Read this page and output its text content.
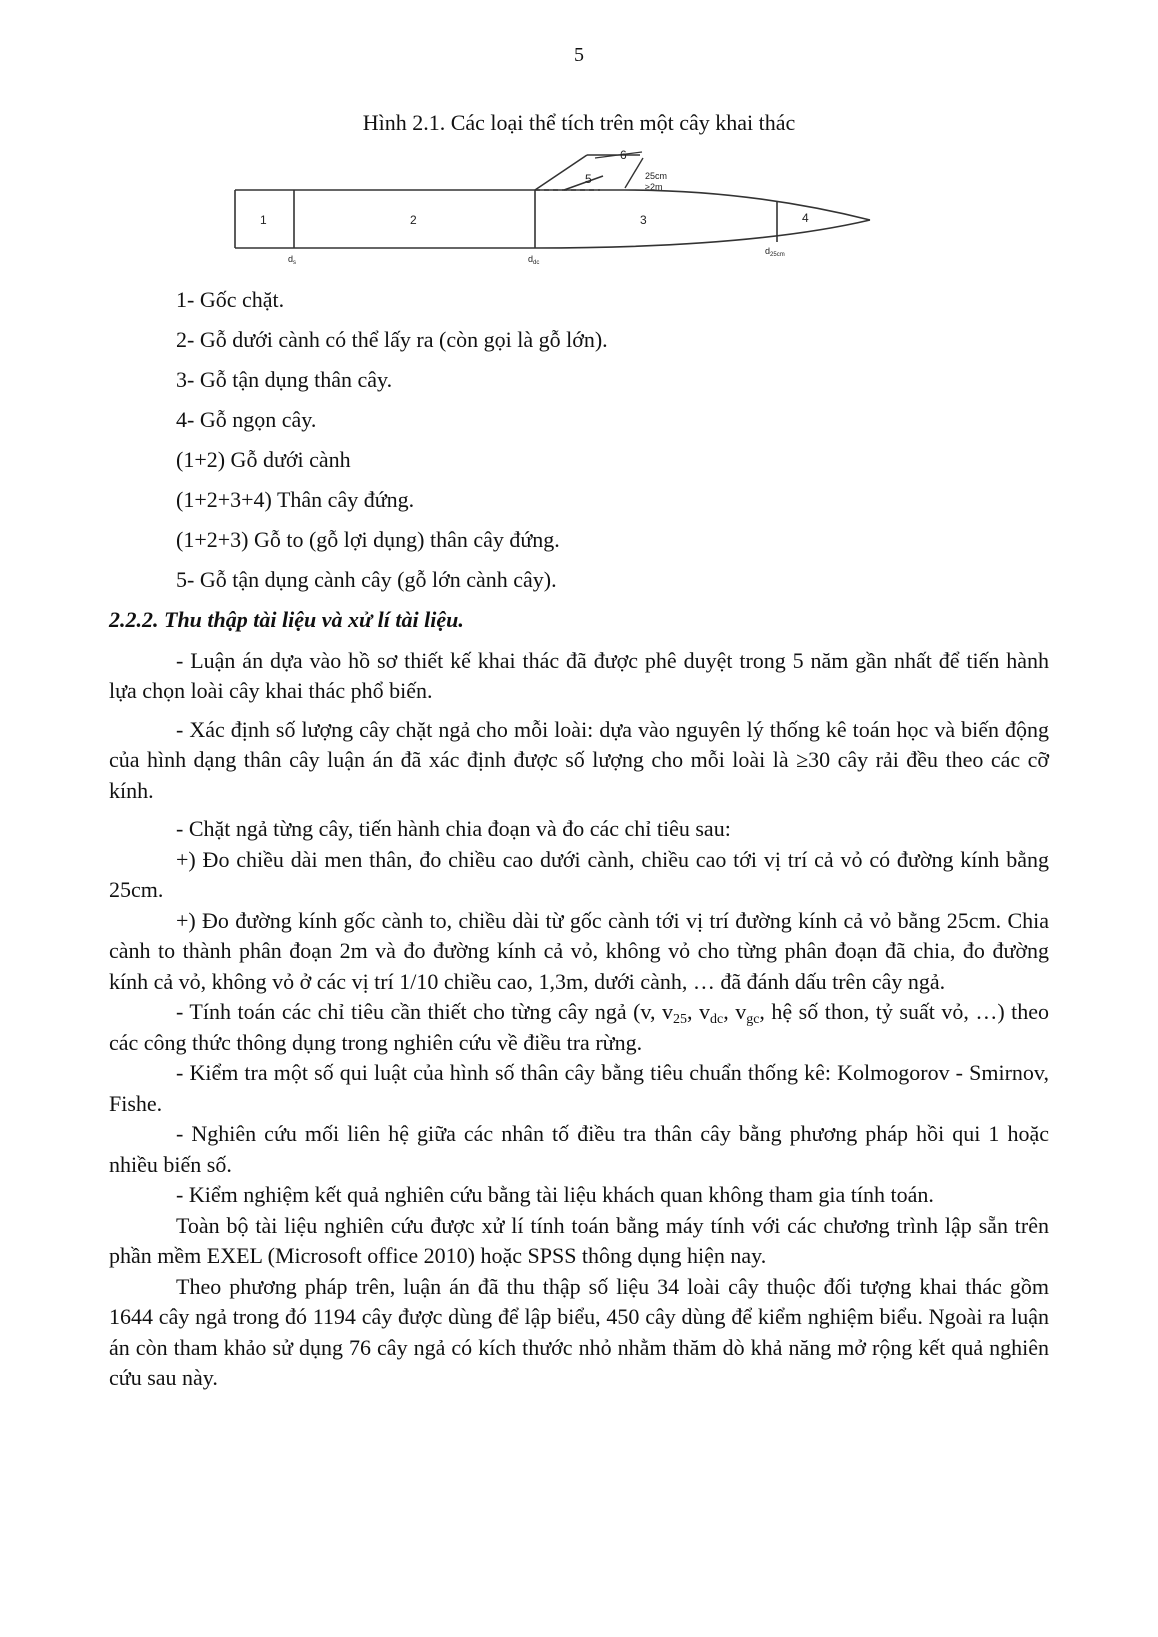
5
Hình 2.1. Các loại thể tích trên một cây khai thác
1	2	3	4
5
6
25cm
≥2m
$d_s$	$d_{dc}$
$d_{25cm}$
1- Gốc chặt.
2- Gỗ dưới cành có thể lấy ra (còn gọi là gỗ lớn).
3- Gỗ tận dụng thân cây.
4- Gỗ ngọn cây.
(1+2) Gỗ dưới cành
(1+2+3+4) Thân cây đứng.
(1+2+3) Gỗ to (gỗ lợi dụng) thân cây đứng.
5- Gỗ tận dụng cành cây (gỗ lớn cành cây).
2.2.2. Thu thập tài liệu và xử lí tài liệu.
- Luận án dựa vào hồ sơ thiết kế khai thác đã được phê duyệt trong 5 năm gần nhất để tiến hành lựa chọn loài cây khai thác phổ biến.
- Xác định số lượng cây chặt ngả cho mỗi loài: dựa vào nguyên lý thống kê toán học và biến động của hình dạng thân cây luận án đã xác định được số lượng cho mỗi loài là ≥30 cây rải đều theo các cỡ kính.
- Chặt ngả từng cây, tiến hành chia đoạn và đo các chỉ tiêu sau:
+) Đo chiều dài men thân, đo chiều cao dưới cành, chiều cao tới vị trí cả vỏ có đường kính bằng 25cm.
+) Đo đường kính gốc cành to, chiều dài từ gốc cành tới vị trí đường kính cả vỏ bằng 25cm. Chia cành to thành phân đoạn 2m và đo đường kính cả vỏ, không vỏ cho từng phân đoạn đã chia, đo đường kính cả vỏ, không vỏ ở các vị trí 1/10 chiều cao, 1,3m, dưới cành, … đã đánh dấu trên cây ngả.
- Tính toán các chỉ tiêu cần thiết cho từng cây ngả (v, $v_{25}$, $v_{dc}$, $v_{gc}$, hệ số thon, tỷ suất vỏ, …) theo các công thức thông dụng trong nghiên cứu về điều tra rừng.
- Kiểm tra một số qui luật của hình số thân cây bằng tiêu chuẩn thống kê: Kolmogorov - Smirnov, Fishe.
- Nghiên cứu mối liên hệ giữa các nhân tố điều tra thân cây bằng phương pháp hồi qui 1 hoặc nhiều biến số.
- Kiểm nghiệm kết quả nghiên cứu bằng tài liệu khách quan không tham gia tính toán.
Toàn bộ tài liệu nghiên cứu được xử lí tính toán bằng máy tính với các chương trình lập sẵn trên phần mềm EXEL (Microsoft office 2010) hoặc SPSS thông dụng hiện nay.
Theo phương pháp trên, luận án đã thu thập số liệu 34 loài cây thuộc đối tượng khai thác gồm 1644 cây ngả trong đó 1194 cây được dùng để lập biểu, 450 cây dùng để kiểm nghiệm biểu. Ngoài ra luận án còn tham khảo sử dụng 76 cây ngả có kích thước nhỏ nhằm thăm dò khả năng mở rộng kết quả nghiên cứu sau này.
